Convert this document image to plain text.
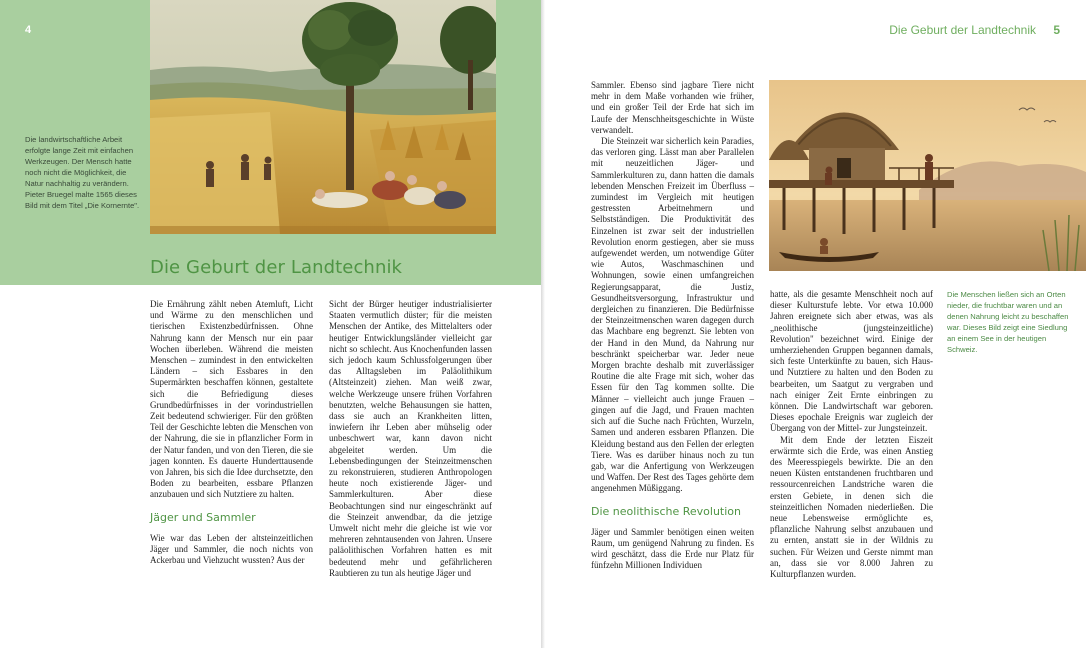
4
Die landwirtschaftliche Arbeit erfolgte lange Zeit mit einfachen Werkzeugen. Der Mensch hatte noch nicht die Möglichkeit, die Natur nachhaltig zu verändern. Pieter Bruegel malte 1565 dieses Bild mit dem Titel „Die Kornernte".
Die Geburt der Landtechnik

Die Ernährung zählt neben Atemluft, Licht und Wärme zu den menschlichen und tierischen Existenzbedürfnissen. Ohne Nahrung kann der Mensch nur ein paar Wochen überleben. Während die meisten Menschen – zumindest in den entwickelten Ländern – sich Essbares in den Supermärkten beschaffen können, gestaltete sich die Befriedigung dieses Grundbedürfnisses in der vorindustriellen Zeit bedeutend schwieriger. Für den größten Teil der Geschichte lebten die Menschen von der Nahrung, die sie in pflanzlicher Form in der Natur fanden, und von den Tieren, die sie jagen konnten. Es dauerte Hunderttausende von Jahren, bis sich die Idee durchsetzte, den Boden zu bearbeiten, essbare Pflanzen anzubauen und sich Nutztiere zu halten.

Jäger und Sammler

Wie war das Leben der altsteinzeitlichen Jäger und Sammler, die noch nichts von Ackerbau und Viehzucht wussten? Aus der

Sicht der Bürger heutiger industrialisierter Staaten vermutlich düster; für die meisten Menschen der Antike, des Mittelalters oder heutiger Entwicklungsländer vielleicht gar nicht so schlecht. Aus Knochenfunden lassen sich jedoch kaum Schlussfolgerungen über das Alltagsleben im Paläolithikum (Altsteinzeit) ziehen. Man weiß zwar, welche Werkzeuge unsere frühen Vorfahren benutzten, welche Behausungen sie hatten, dass sie auch an Krankheiten litten, inwiefern ihr Leben aber mühselig oder unbeschwert war, kann davon nicht abgeleitet werden. Um die Lebensbedingungen der Steinzeitmenschen zu rekonstruieren, studieren Anthropologen heute noch existierende Jäger- und Sammlerkulturen. Aber diese Beobachtungen sind nur eingeschränkt auf die Steinzeit anwendbar, da die jetzige Umwelt nicht mehr die gleiche ist wie vor mehreren zehntausenden von Jahren. Unsere paläolithischen Vorfahren hatten es mit bedeutend mehr und gefährlicheren Raubtieren zu tun als heutige Jäger und

Die Geburt der Landtechnik 5

Sammler. Ebenso sind jagbare Tiere nicht mehr in dem Maße vorhanden wie früher, und ein großer Teil der Erde hat sich im Laufe der Menschheitsgeschichte in Wüste verwandelt.

Die Steinzeit war sicherlich kein Paradies, das verloren ging. Lässt man aber Parallelen mit neuzeitlichen Jäger- und Sammlerkulturen zu, dann hatten die damals lebenden Menschen Freizeit im Überfluss – zumindest im Vergleich mit heutigen gestressten Arbeitnehmern und Selbstständigen. Die Produktivität des Einzelnen ist zwar seit der industriellen Revolution enorm gestiegen, aber sie muss aufgewendet werden, um notwendige Güter wie Autos, Waschmaschinen und Wohnungen, sowie einen umfangreichen Regierungsapparat, die Justiz, Gesundheitsversorgung, Infrastruktur und dergleichen zu finanzieren. Die Bedürfnisse der Steinzeitmenschen waren dagegen durch das Machbare eng begrenzt. Sie lebten von der Hand in den Mund, da Nahrung nur beschränkt speicherbar war. Jeder neue Morgen brachte deshalb mit zuverlässiger Routine die alte Frage mit sich, woher das Essen für den Tag kommen sollte. Die Männer – vielleicht auch junge Frauen – gingen auf die Jagd, und Frauen machten sich auf die Suche nach Früchten, Wurzeln, Samen und anderen essbaren Pflanzen. Die Kleidung bestand aus den Fellen der erlegten Tiere. Was es darüber hinaus noch zu tun gab, war die Anfertigung von Werkzeugen und Waffen. Der Rest des Tages gehörte dem angenehmen Müßiggang.

Die neolithische Revolution

Jäger und Sammler benötigen einen weiten Raum, um genügend Nahrung zu finden. Es wird geschätzt, dass die Erde nur Platz für fünfzehn Millionen Individuen

Die Menschen ließen sich an Orten nieder, die fruchtbar waren und an denen Nahrung leicht zu beschaffen war. Dieses Bild zeigt eine Siedlung an einem See in der heutigen Schweiz.

hatte, als die gesamte Menschheit noch auf dieser Kulturstufe lebte. Vor etwa 10.000 Jahren ereignete sich aber etwas, was als „neolithische (jungsteinzeitliche) Revolution" bezeichnet wird. Einige der umherziehenden Gruppen begannen damals, sich feste Unterkünfte zu bauen, sich Haus- und Nutztiere zu halten und den Boden zu bearbeiten, um Saatgut zu vergraben und nach einiger Zeit Ernte einbringen zu können. Die Landwirtschaft war geboren. Dieses epochale Ereignis war zugleich der Übergang von der Mittel- zur Jungsteinzeit.

Mit dem Ende der letzten Eiszeit erwärmte sich die Erde, was einen Anstieg des Meeresspiegels bewirkte. Die an den neuen Küsten entstandenen fruchtbaren und ressourcenreichen Landstriche waren die ersten Gebiete, in denen sich die steinzeitlichen Nomaden niederließen. Die neue Lebensweise ermöglichte es, pflanzliche Nahrung selbst anzubauen und zu ernten, anstatt sie in der Wildnis zu suchen. Für Weizen und Gerste nimmt man an, dass sie vor 8.000 Jahren zu Kulturpflanzen wurden.
